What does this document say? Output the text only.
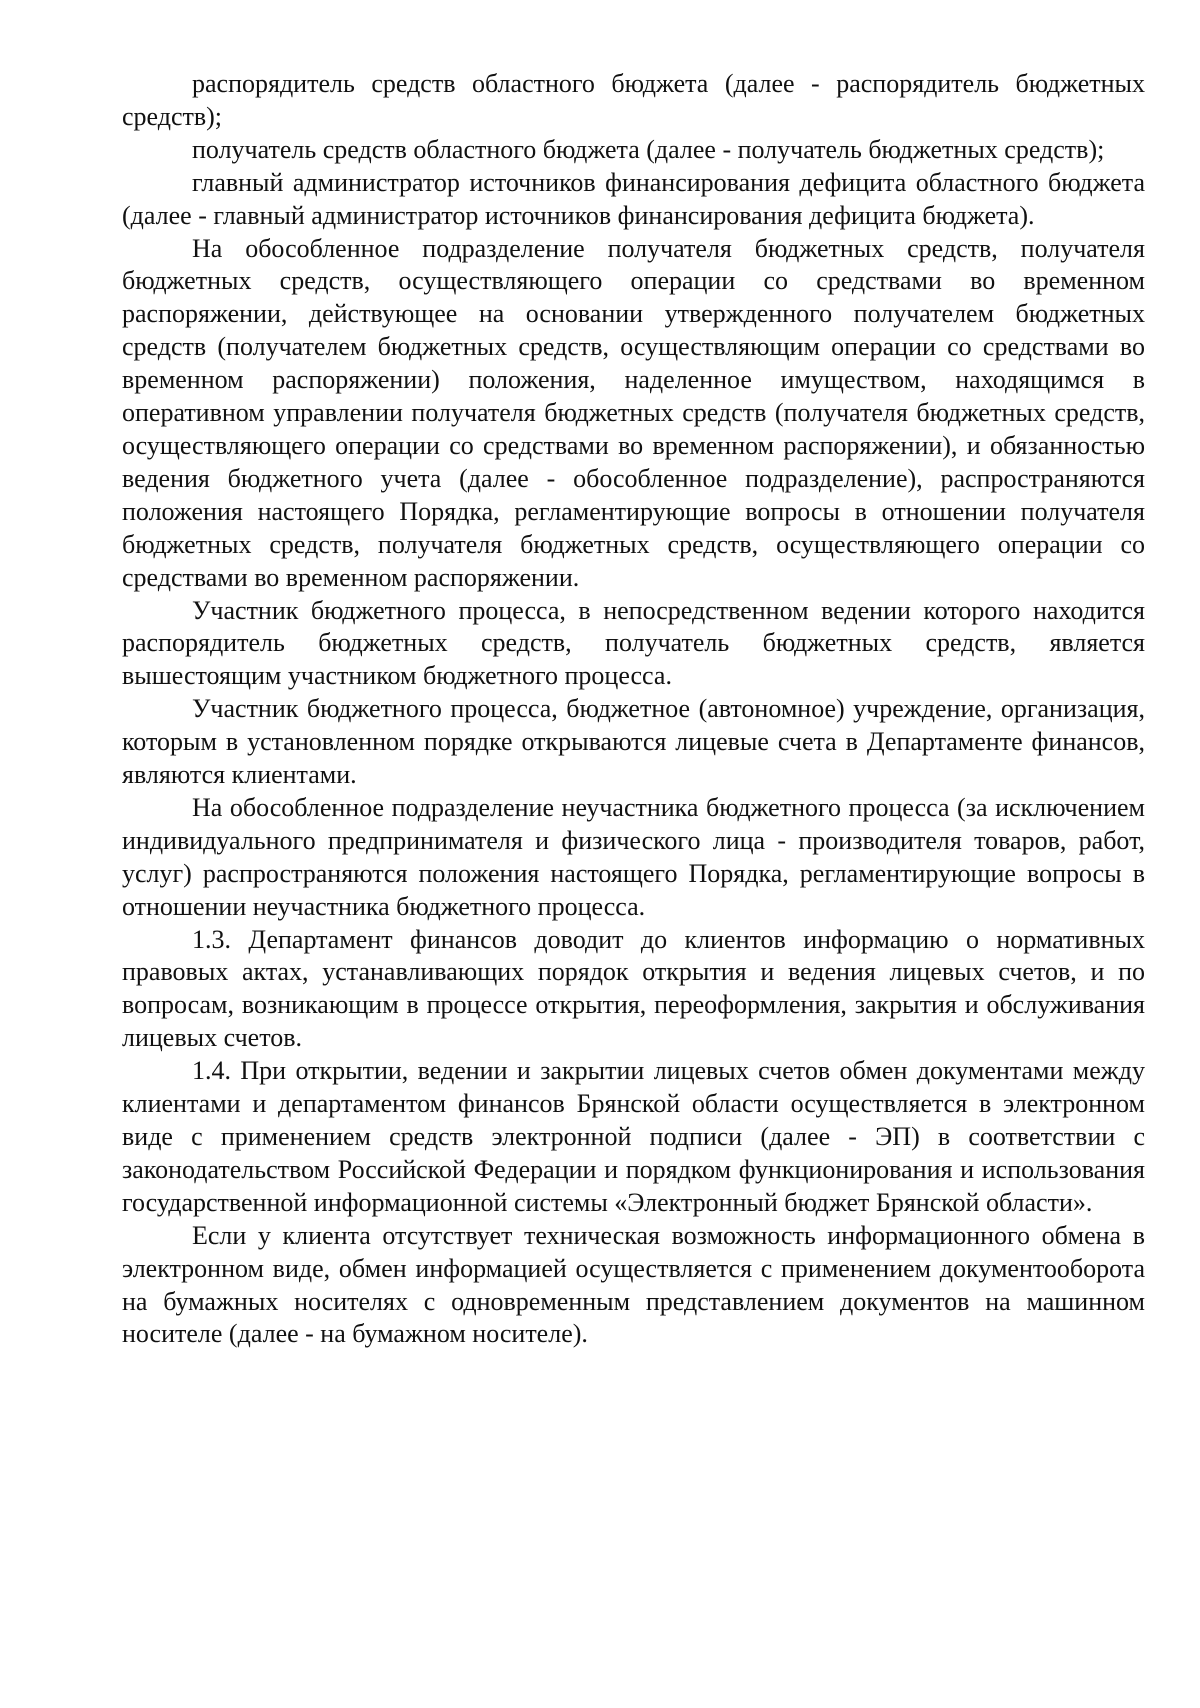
распорядитель средств областного бюджета (далее - распорядитель бюджетных средств);

получатель средств областного бюджета (далее - получатель бюджетных средств);

главный администратор источников финансирования дефицита областного бюджета (далее - главный администратор источников финансирования дефицита бюджета).

На обособленное подразделение получателя бюджетных средств, получателя бюджетных средств, осуществляющего операции со средствами во временном распоряжении, действующее на основании утвержденного получателем бюджетных средств (получателем бюджетных средств, осуществляющим операции со средствами во временном распоряжении) положения, наделенное имуществом, находящимся в оперативном управлении получателя бюджетных средств (получателя бюджетных средств, осуществляющего операции со средствами во временном распоряжении), и обязанностью ведения бюджетного учета (далее - обособленное подразделение), распространяются положения настоящего Порядка, регламентирующие вопросы в отношении получателя бюджетных средств, получателя бюджетных средств, осуществляющего операции со средствами во временном распоряжении.

Участник бюджетного процесса, в непосредственном ведении которого находится распорядитель бюджетных средств, получатель бюджетных средств, является вышестоящим участником бюджетного процесса.

Участник бюджетного процесса, бюджетное (автономное) учреждение, организация, которым в установленном порядке открываются лицевые счета в Департаменте финансов, являются клиентами.

На обособленное подразделение неучастника бюджетного процесса (за исключением индивидуального предпринимателя и физического лица - производителя товаров, работ, услуг) распространяются положения настоящего Порядка, регламентирующие вопросы в отношении неучастника бюджетного процесса.

1.3. Департамент финансов доводит до клиентов информацию о нормативных правовых актах, устанавливающих порядок открытия и ведения лицевых счетов, и по вопросам, возникающим в процессе открытия, переоформления, закрытия и обслуживания лицевых счетов.

1.4. При открытии, ведении и закрытии лицевых счетов обмен документами между клиентами и департаментом финансов Брянской области осуществляется в электронном виде с применением средств электронной подписи (далее - ЭП) в соответствии с законодательством Российской Федерации и порядком функционирования и использования государственной информационной системы «Электронный бюджет Брянской области».

Если у клиента отсутствует техническая возможность информационного обмена в электронном виде, обмен информацией осуществляется с применением документооборота на бумажных носителях с одновременным представлением документов на машинном носителе (далее - на бумажном носителе).
